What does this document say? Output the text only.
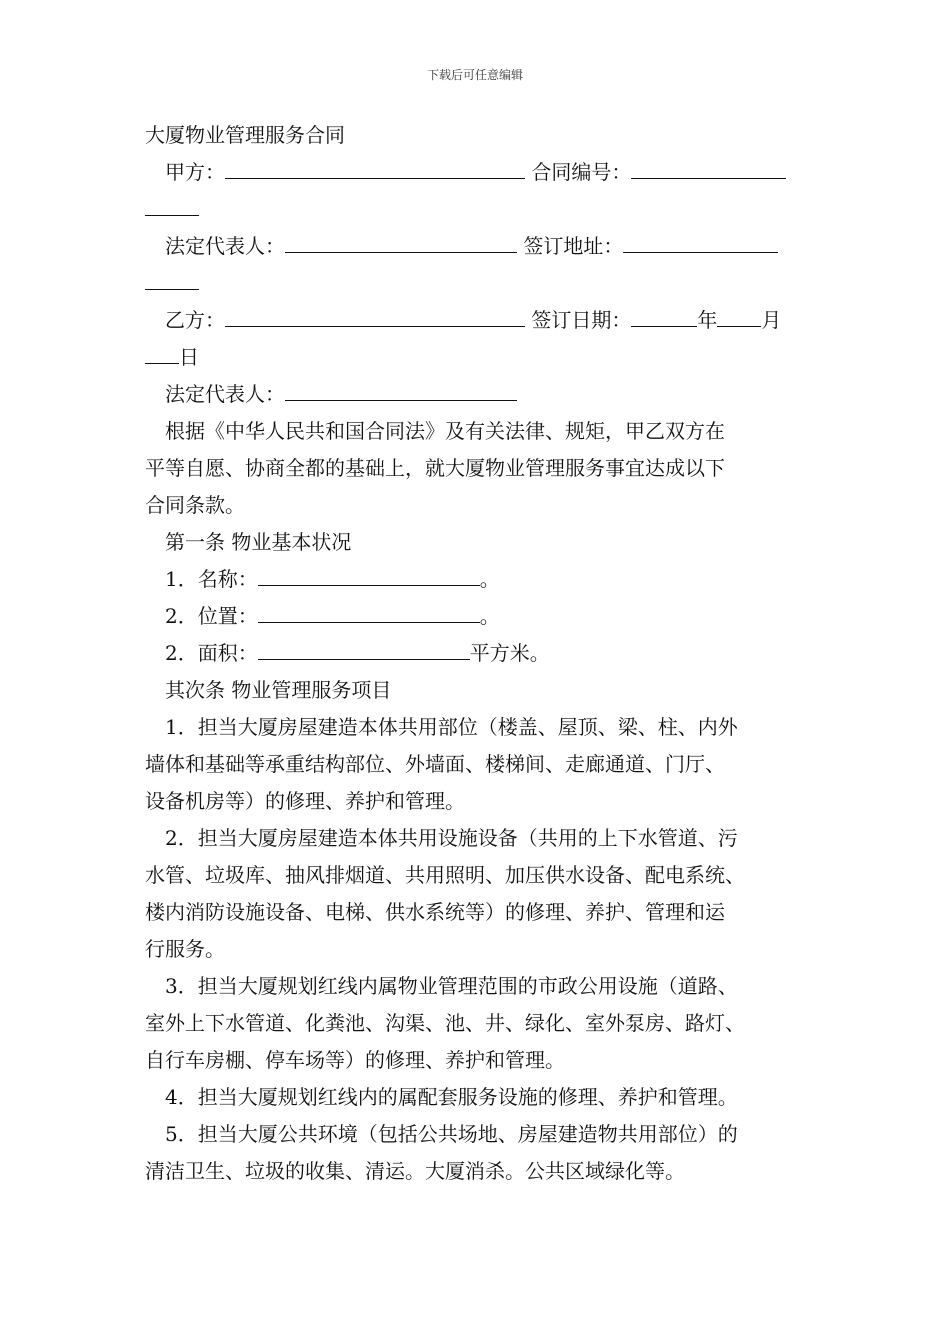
下载后可任意编辑
大厦物业管理服务合同
甲方：	合同编号：
法定代表人：	签订地址：
乙方：	签订日期：	年 月
日
法定代表人：
根据《中华人民共和国合同法》及有关法律、规矩，甲乙双方在
平等自愿、协商全都的基础上，就大厦物业管理服务事宜达成以下
合同条款。
第一条 物业基本状况
1．名称：	。
2．位置：	。
2．面积：	平方米。
其次条 物业管理服务项目
1．担当大厦房屋建造本体共用部位（楼盖、屋顶、梁、柱、内外
墙体和基础等承重结构部位、外墙面、楼梯间、走廊通道、门厅、
设备机房等）的修理、养护和管理。
2．担当大厦房屋建造本体共用设施设备（共用的上下水管道、污
水管、垃圾库、抽风排烟道、共用照明、加压供水设备、配电系统、
楼内消防设施设备、电梯、供水系统等）的修理、养护、管理和运
行服务。
3．担当大厦规划红线内属物业管理范围的市政公用设施（道路、
室外上下水管道、化粪池、沟渠、池、井、绿化、室外泵房、路灯、
自行车房棚、停车场等）的修理、养护和管理。
4．担当大厦规划红线内的属配套服务设施的修理、养护和管理。
5．担当大厦公共环境（包括公共场地、房屋建造物共用部位）的
清洁卫生、垃圾的收集、清运。大厦消杀。公共区域绿化等。
